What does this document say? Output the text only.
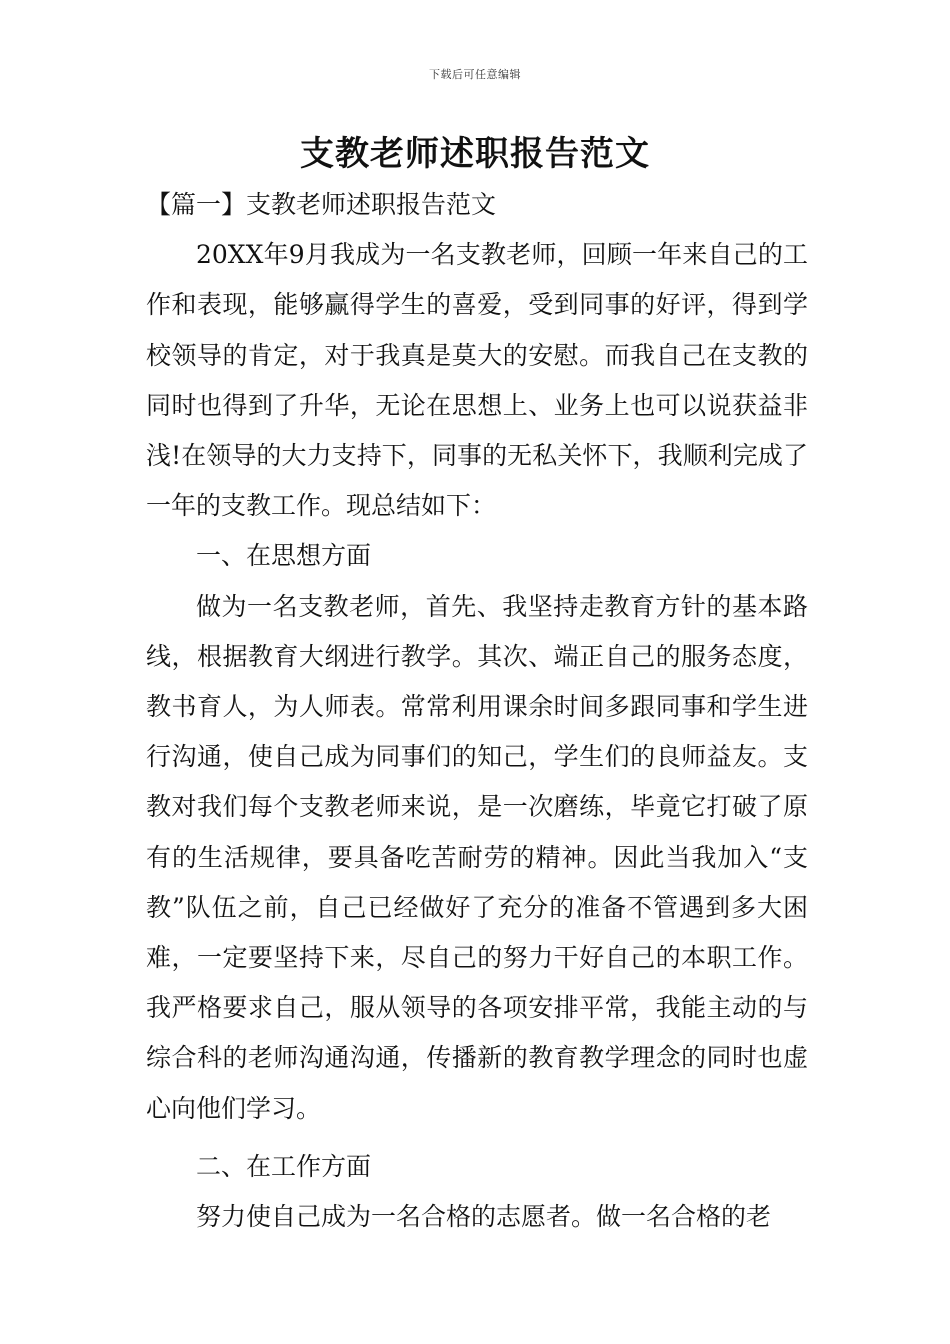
下载后可任意编辑
支教老师述职报告范文

【篇一】支教老师述职报告范文

20XX年9月我成为一名支教老师，回顾一年来自己的工作和表现，能够赢得学生的喜爱，受到同事的好评，得到学校领导的肯定，对于我真是莫大的安慰。而我自己在支教的同时也得到了升华，无论在思想上、业务上也可以说获益非浅!在领导的大力支持下，同事的无私关怀下，我顺利完成了一年的支教工作。现总结如下：

一、在思想方面

做为一名支教老师，首先、我坚持走教育方针的基本路线，根据教育大纲进行教学。其次、端正自己的服务态度，教书育人，为人师表。常常利用课余时间多跟同事和学生进行沟通，使自己成为同事们的知己，学生们的良师益友。支教对我们每个支教老师来说，是一次磨练，毕竟它打破了原有的生活规律，要具备吃苦耐劳的精神。因此当我加入“支教”队伍之前，自己已经做好了充分的准备不管遇到多大困难，一定要坚持下来，尽自己的努力干好自己的本职工作。我严格要求自己，服从领导的各项安排平常，我能主动的与综合科的老师沟通沟通，传播新的教育教学理念的同时也虚心向他们学习。

二、在工作方面

努力使自己成为一名合格的志愿者。做一名合格的老
